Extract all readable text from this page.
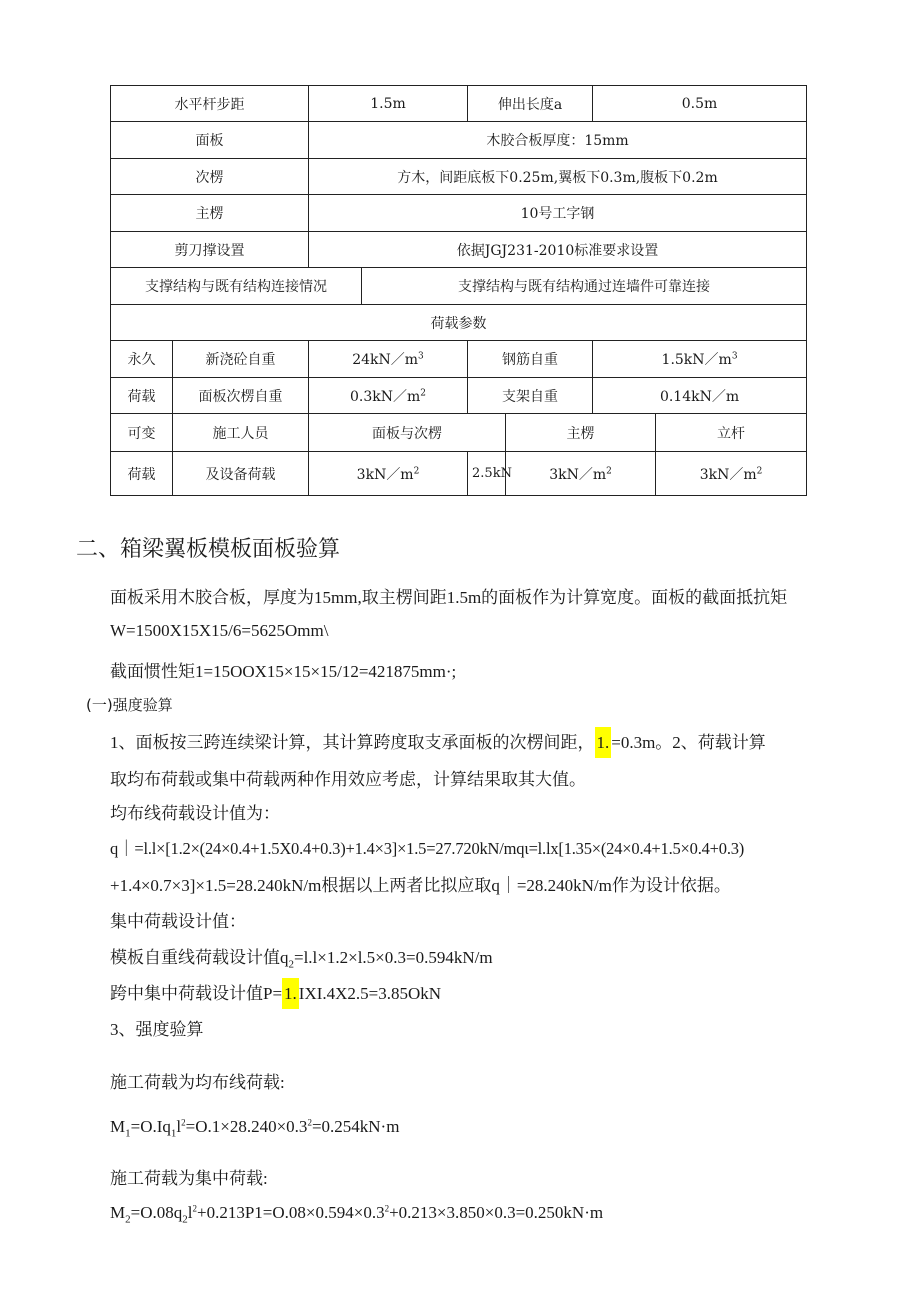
水平杆步距		1.5m		伸出长度a		0.5m	
面板		木胶合板厚度：15mm					
次楞		方木，间距底板下0.25m,翼板下0.3m,腹板下0.2m					
主楞		10号工字钢					
剪刀撑设置		依据JGJ231-2010标准要求设置					
支撑结构与既有结构连接情况			支撑结构与既有结构通过连墙件可靠连接				
荷载参数							
永久	新浇砼自重	$24kN/m^3$		钢筋自重		$1.5kN/m^3$
荷载	面板次楞自重	$0.3kN/m^2$		支架自重		0.14kN／m	
可变	施工人员	面板与次楞			主楞		立杆
荷载	及设备荷载	$3kN/m^2$		2.5kN	$3kN/m^2$		$3kN/m^2$
二、箱梁翼板模板面板验算
面板采用木胶合板，厚度为15mm,取主楞间距1.5m的面板作为计算宽度。面板的截面抵抗矩
W=1500X15X15/6=5625Omm\
截面惯性矩1=15OOX15×15×15/12=421875mm·;
(一)强度验算
1、面板按三跨连续梁计算，其计算跨度取支承面板的次楞间距， 1. =0.3m。2、荷载计算
取均布荷载或集中荷载两种作用效应考虑，计算结果取其大值。
均布线荷载设计值为：
q｜=l.l×[1.2×(24×0.4+1.5X0.4+0.3)+1.4×3]×1.5=27.720kN/mqι=l.lx[1.35×(24×0.4+1.5×0.4+0.3)
+1.4×0.7×3]×1.5=28.240kN/m根据以上两者比拟应取q｜=28.240kN/m作为设计依据。
集中荷载设计值：
模板自重线荷载设计值$q_2=l.l\times 1.2\times l.5\times 0.3=0.594kN/m$
跨中集中荷载设计值P= 1. IXI.4X2.5=3.85OkN
3、强度验算
施工荷载为均布线荷载:
$M_1=O.Iq_1l^2=O.1\times 28.240\times 0.3^2=0.254kN\cdot m$
施工荷载为集中荷载:
$M_2=O.08q_2l^2+0.213P1=O.08\times 0.594\times 0.3^2+0.213\times 3.850\times 0.3=0.250kN\cdot m$
